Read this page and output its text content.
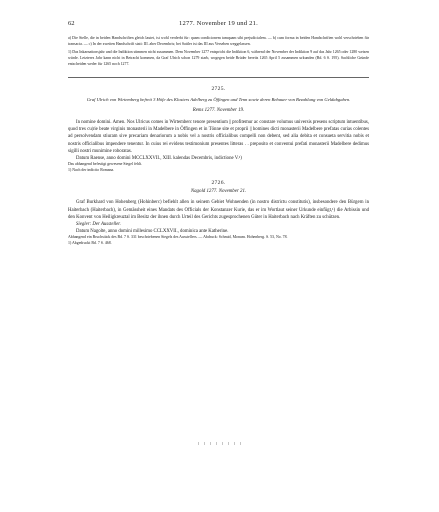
62	1277. November 19 und 21.

a) Die Stelle, die in beiden Handschriften gleich lautet, ist wohl verderbt für: quam condicionem tamquam sibi prejudicialem. — b) cum forma in beiden Handschriften wohl verschrieben für transacta. — c) In der zweiten Handschrift statt: III. aber Decembris; bei Sattler ist das III aus Versehen weggelassen.

1) Das Inkarnationsjahr und die Indiktion stimmen nicht zusammen. Dem November 1277 entspricht die Indiktion 6, während der November der Indiktion 9 auf das Jahr 1265 oder 1280 weisen würde. Letzteres Jahr kann nicht in Betracht kommen, da Graf Ulrich schon 1279 starb, wogegen beide Brüder bereits 1265 April 5 zusammen urkunden (Bd. 6 S. 195). Sachliche Gründe entscheiden weder für 1265 noch 1277.

2725.

Graf Ulrich von Wirtemberg befreit 3 Höfe des Klosters Adelberg zu Öffingen und Tenn sowie deren Bebauer von Bezahlung von Geldabgaben.

Rems 1277. November 19.

In nomine domini. Amen. Nos Ulricus comes in Wirtemberc tenore presentium || profitemur ac constare volumus universis presens scriptum intuentibus, quod tres cu|rie beate virginis monasterii in Madelbere in Öffingen et in Tönne site et proprii || homines dicti monasterii Madelbere prefatas curias colentes ad persolvendam stiuram sive precariam denariorum a nobis vel a nostris officialibus compelli non debent, sed alia debita et consueta servitia nobis et nostris officialibus impendere tenentur. In cuius rei evidens testimonium presentes litteras . . preposito et conventui prefati monasterii Madelbere dedimus sigilli nostri munimine roboratas.

Datum Raense, anno domini MCCLXXVII., XIII. kalendas Decembris, indictione V.¹)

Das abhangend befestigt gewesene Siegel fehlt.

1) Nach der indictio Romana.

2726.
Nagold 1277. November 21.

Graf Burkhard von Hohenberg (Hohinberc) befiehlt allen in seinem Gebiet Wohnenden (in nostro districtu constitutis), insbesondere den Bürgern in Haiterbach (Haiterbach), in Gemässheit eines Mandats des Officials der Konstanzer Kurie, das er im Wortlaut seiner Urkunde einfügt,¹) die Arbissin und den Konvent von Heiligkreuztal im Besitz der ihnen durch Urteil des Gerichts zugesprochenen Güter in Haiterbach nach Kräften zu schützen.

Siegler: Der Aussteller.

Datum Nagolte, anno domini millesimo CCLXXVII., dominica ante Katherine.

Abhangend ein Bruchstück des Bd. 7 S. 331 beschriebenen Siegels des Ausstellers. — Abdruck: Schmid, Monum. Hohenberg. S. 53, No. 78.

1) Abgedruckt Bd. 7 S. 468.
